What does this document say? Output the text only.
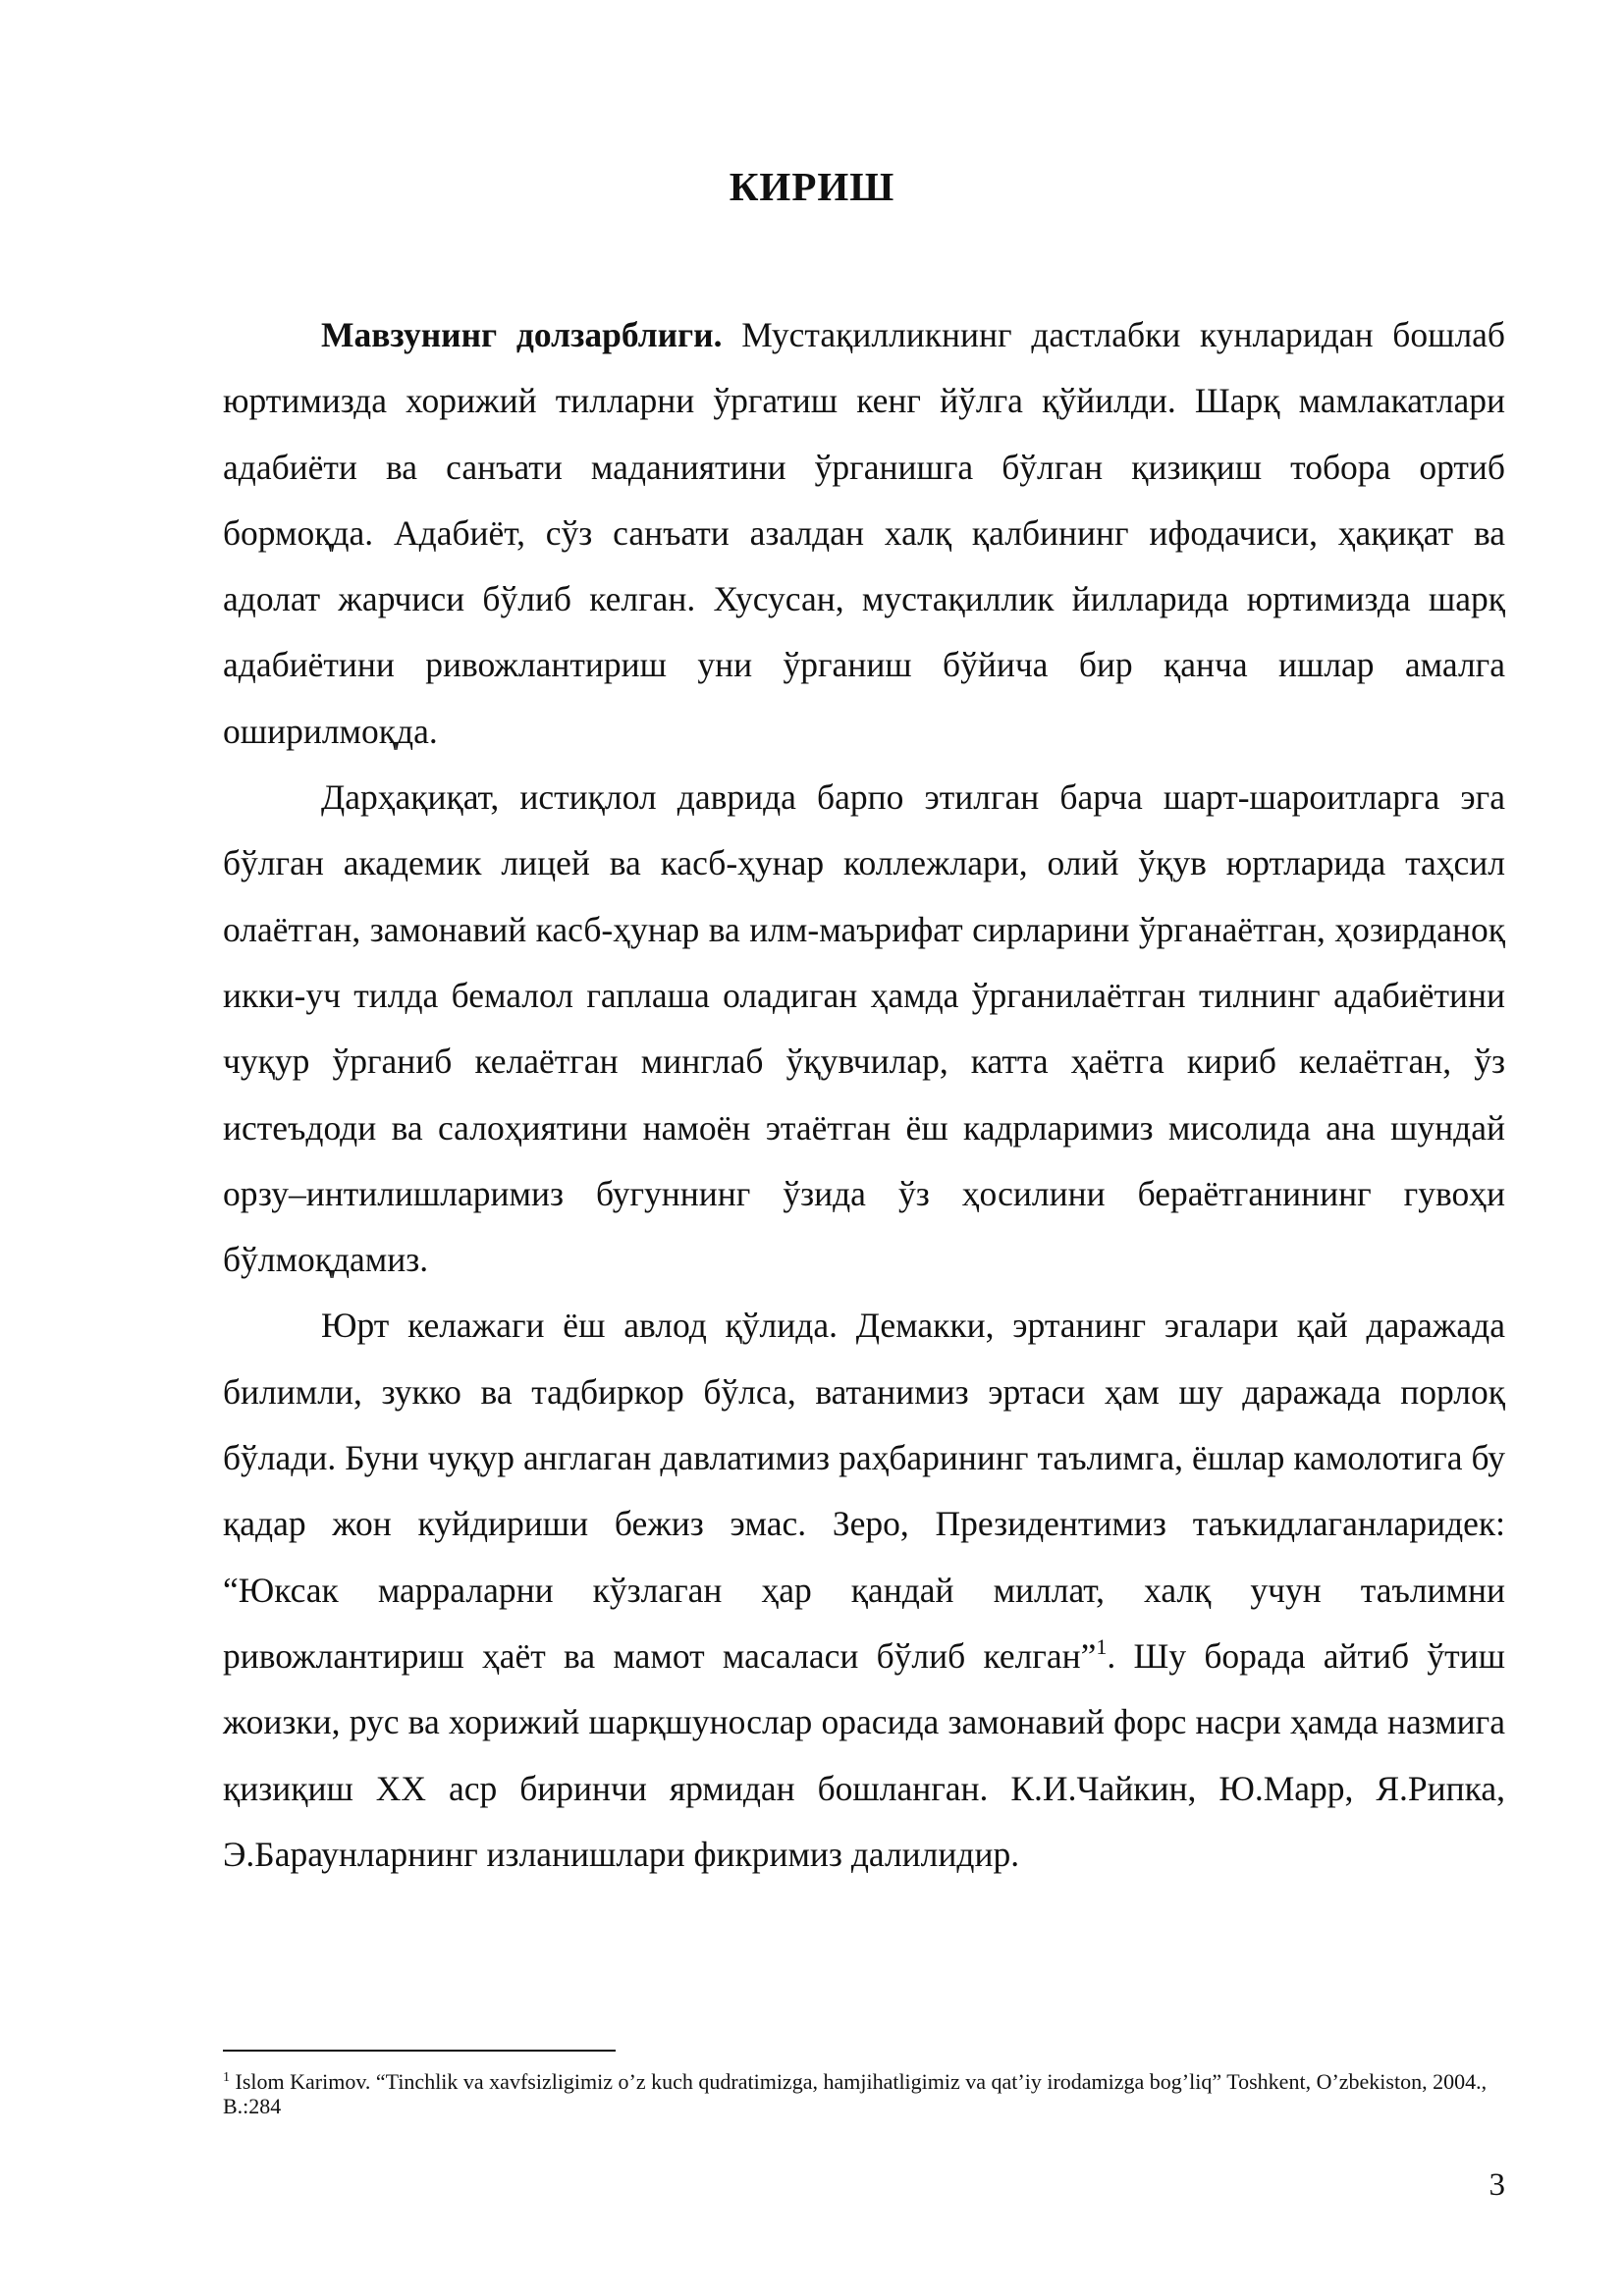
КИРИШ

Мавзунинг долзарблиги. Мустақилликнинг дастлабки кунларидан бошлаб юртимизда хорижий тилларни ўргатиш кенг йўлга қўйилди. Шарқ мамлакатлари адабиёти ва санъати маданиятини ўрганишга бўлган қизиқиш тобора ортиб бормоқда. Адабиёт, сўз санъати азалдан халқ қалбининг ифодачиси, ҳақиқат ва адолат жарчиси бўлиб келган. Хусусан, мустақиллик йилларида юртимизда шарқ адабиётини ривожлантириш уни ўрганиш бўйича бир қанча ишлар амалга оширилмоқда.

Дарҳақиқат, истиқлол даврида барпо этилган барча шарт-шароитларга эга бўлган академик лицей ва касб-ҳунар коллежлари, олий ўқув юртларида таҳсил олаётган, замонавий касб-ҳунар ва илм-маърифат сирларини ўрганаётган, ҳозирданоқ икки-уч тилда бемалол гаплаша оладиган ҳамда ўрганилаётган тилнинг адабиётини чуқур ўрганиб келаётган минглаб ўқувчилар, катта ҳаётга кириб келаётган, ўз истеъдоди ва салоҳиятини намоён этаётган ёш кадрларимиз мисолида ана шундай орзу–интилишларимиз бугуннинг ўзида ўз ҳосилини бераётганининг гувоҳи бўлмоқдамиз.

Юрт келажаги ёш авлод қўлида. Демакки, эртанинг эгалари қай даражада билимли, зукко ва тадбиркор бўлса, ватанимиз эртаси ҳам шу даражада порлоқ бўлади. Буни чуқур англаган давлатимиз раҳбарининг таълимга, ёшлар камолотига бу қадар жон куйдириши бежиз эмас. Зеро, Президентимиз таъкидлаганларидек: “Юксак марраларни кўзлаган ҳар қандай миллат, халқ учун таълимни ривожлантириш ҳаёт ва мамот масаласи бўлиб келган”$^1$. Шу борада айтиб ўтиш жоизки, рус ва хорижий шарқшунослар орасида замонавий форс насри ҳамда назмига қизиқиш ХХ аср биринчи ярмидан бошланган. К.И.Чайкин, Ю.Марр, Я.Рипка, Э.Бараунларнинг изланишлари фикримиз далилидир.

$^1$ Islom Karimov. “Tinchlik va xavfsizligimiz o’z kuch qudratimizga, hamjihatligimiz va qat’iy irodamizga bog’liq” Toshkent, O’zbekiston, 2004., B.:284
3
